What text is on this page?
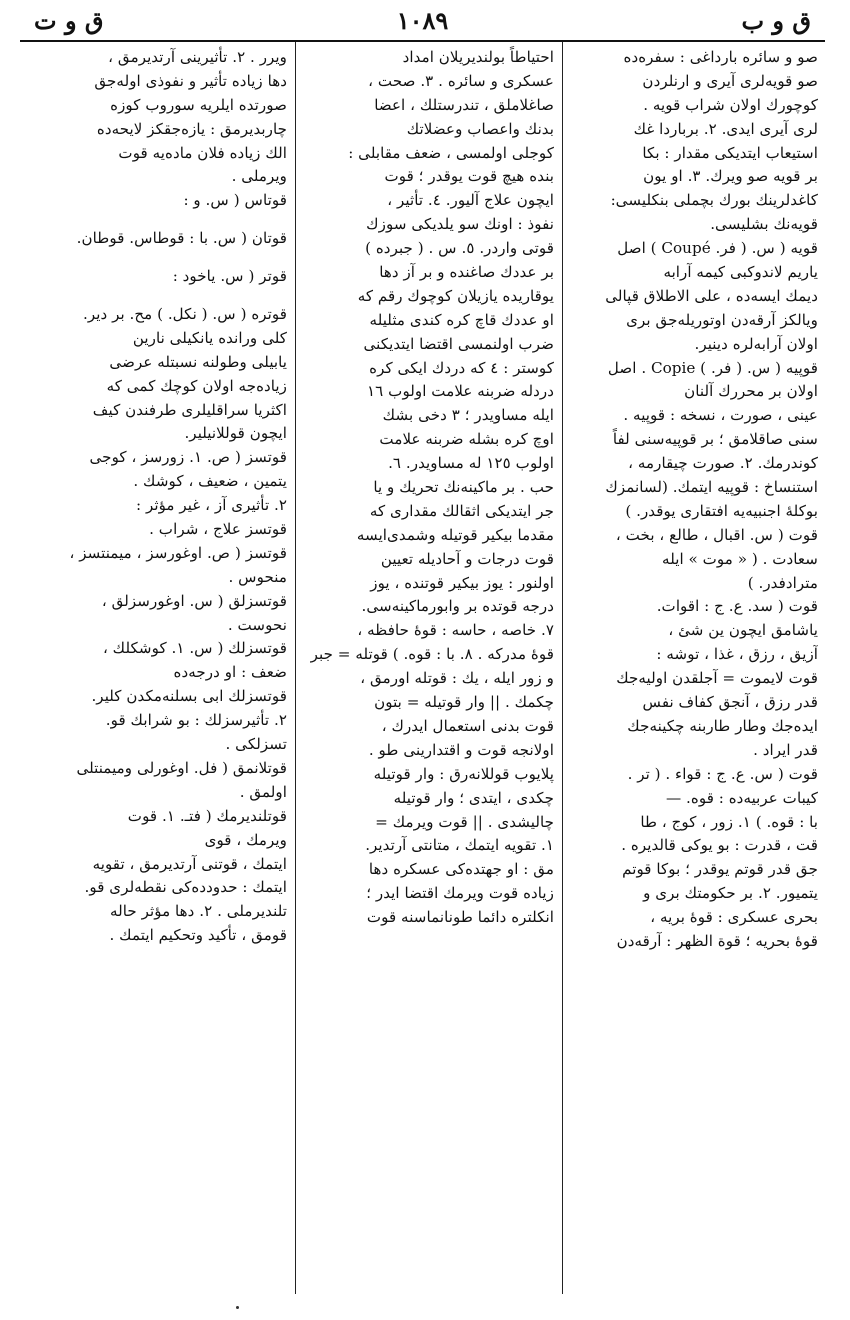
ق و ت	١٠٨٩	ق و ب
صو و سائره بارداغى : سفره‌ده
صو قويه‌لرى آيرى و ارنلردن
كوچورك اولان شراب قويه .
لرى آيرى ايدى. ٢. برباردا غك
استيعاب ايتديكى مقدار : بكا
بر قويه صو ويرك. ٣. او يون
كاغدلرينك بورك بچملى بنكليسى:
قويه‌نك بشليسى.
قويه ( س. ( فر. Coupé ) اصل
ياريم لاندوكبى كيمه آرابه
ديمك ايسه‌ده ، على الاطلاق قپالى
ويالكز آرقه‌دن اوتوريله‌جق برى
اولان آرابه‌لره دينير.
قوپيه ( س. ( فر. ) Copie . اصل
اولان بر محررك آلنان
عينى ، صورت ، نسخه : قوپيه .
سنى صاقلامق ؛ بر قوپيه‌سنى لفاً
كوندرمك. ٢. صورت چيقارمه ،
استنساخ : قوپيه ايتمك. (لسانمزك
بوكلهٔ اجنبيه‌يه افتقارى يوقدر. )
قوت ( س. اقبال ، طالع ، بخت ،
سعادت . ( « موت » ايله
مترادفدر. )
قوت ( سد. ع. ج : اقوات.
ياشامق ايچون ين شئ ،
آزيق ، رزق ، غذا ، توشه :
قوت لايموت = آجلقدن اوليه‌جك
قدر رزق ، آنجق كفاف نفس
ايده‌جك وطار طاربنه چكينه‌جك
قدر ايراد .
قوت ( س. ع. ج : قواء . ( تر .
كيبات عربيه‌ده : قوه. —
با : قوه. ) ١. زور ، كوج ، طا
قت ، قدرت : بو يوكى قالديره .
جق قدر قوتم يوقدر ؛ بوكا قوتم
يتميور. ٢. بر حكومتك برى و
بحرى عسكرى : قوهٔ بريه ،
قوهٔ بحريه ؛ قوة الظهر : آرقه‌دن
احتياطاً بولنديريلان امداد
عسكرى و سائره . ٣. صحت ،
صاغلاملق ، تندرستلك ، اعضا
بدنك واعصاب وعضلاتك
كوجلى اولمسى ، ضعف مقابلى :
بنده هيچ قوت يوقدر ؛ قوت
ايچون علاج آليور. ٤. تأثير ،
نفوذ : اونك سو يلديكى سوزك
قوتى واردر. ٥. س . ( جبرده )
بر عددك صاغنده و بر آز دها
يوقاريده يازيلان كوچوك رقم كه
او عددك قاچ كره كندى مثليله
ضرب اولنمسى اقتضا ايتديكنى
كوستر : ٤ كه دردك ايكى كره
دردله ضربنه علامت اولوب ١٦
ايله مساويدر ؛ ٣ دخى بشك
اوچ كره بشله ضربنه علامت
اولوب ١٢٥ له مساويدر. ٦.
حب . بر ماكينه‌نك تحريك و يا
جر ايتديكى اثقالك مقدارى كه
مقدما بيكير قوتيله وشمدى‌ايسه
قوت درجات و آحاديله تعيين
اولنور : يوز بيكير قوتنده ، يوز
درجه قوتده بر وابورماكينه‌سى.
٧. خاصه ، حاسه : قوهٔ حافظه ،
قوهٔ مدركه . ٨. با : قوه. ) قوتله = جبر
و زور ايله ، يك : قوتله اورمق ،
چكمك . || وار قوتيله = بتون
قوت بدنى استعمال ايدرك ،
اولانجه قوت و اقتدارينى طو .
پلايوب قوللانه‌رق : وار قوتيله
چكدى ، ايتدى ؛ وار قوتيله
چاليشدى . || قوت ويرمك =
١. تقويه ايتمك ، متانتى آرتدير.
مق : او جهتده‌كى عسكره دها
زياده قوت ويرمك اقتضا ايدر ؛
انكلتره دائما طونانماسنه قوت
ويرر . ٢. تأثيرينى آرتديرمق ،
دها زياده تأثير و نفوذى اوله‌جق
صورتده ايلريه سوروب كوزه
چاربديرمق : يازه‌جقكز لايحه‌ده
الك زياده فلان ماده‌يه قوت
ويرملى .
قوتاس ( س. و :
قوتان ( س. با : قوطاس. قوطان.
قوتر ( س. ياخود :
قوتره ( س. ( نكل. ) مح. بر دير.
كلى ورانده يانكيلى نارين
يابيلى وطولنه نسبتله عرضى
زياده‌جه اولان كوچك كمى كه
اكثريا سراقليلرى طرفندن كيف
ايچون قوللانيلير.
قوتسز ( ص. ١. زورسز ، كوجى
يتمين ، ضعيف ، كوشك .
٢. تأثيرى آز ، غير مؤثر :
قوتسز علاج ، شراب .
قوتسز ( ص. اوغورسز ، ميمنتسز ،
منحوس .
قوتسزلق ( س. اوغورسزلق ،
نحوست .
قوتسزلك ( س. ١. كوشكلك ،
ضعف : او درجه‌ده
قوتسزلك ابى بسلنه‌مكدن كلير.
٢. تأثيرسزلك : بو شرابك قو.
تسزلكى .
قوتلانمق ( فل. اوغورلى وميمنتلى
اولمق .
قوتلنديرمك ( فتـ. ١. قوت
ويرمك ، قوى
ايتمك ، قوتنى آرتديرمق ، تقويه
ايتمك : حدودده‌كى نقطه‌لرى قو.
تلنديرملى . ٢. دها مؤثر حاله
قومق ، تأكيد وتحكيم ايتمك .
